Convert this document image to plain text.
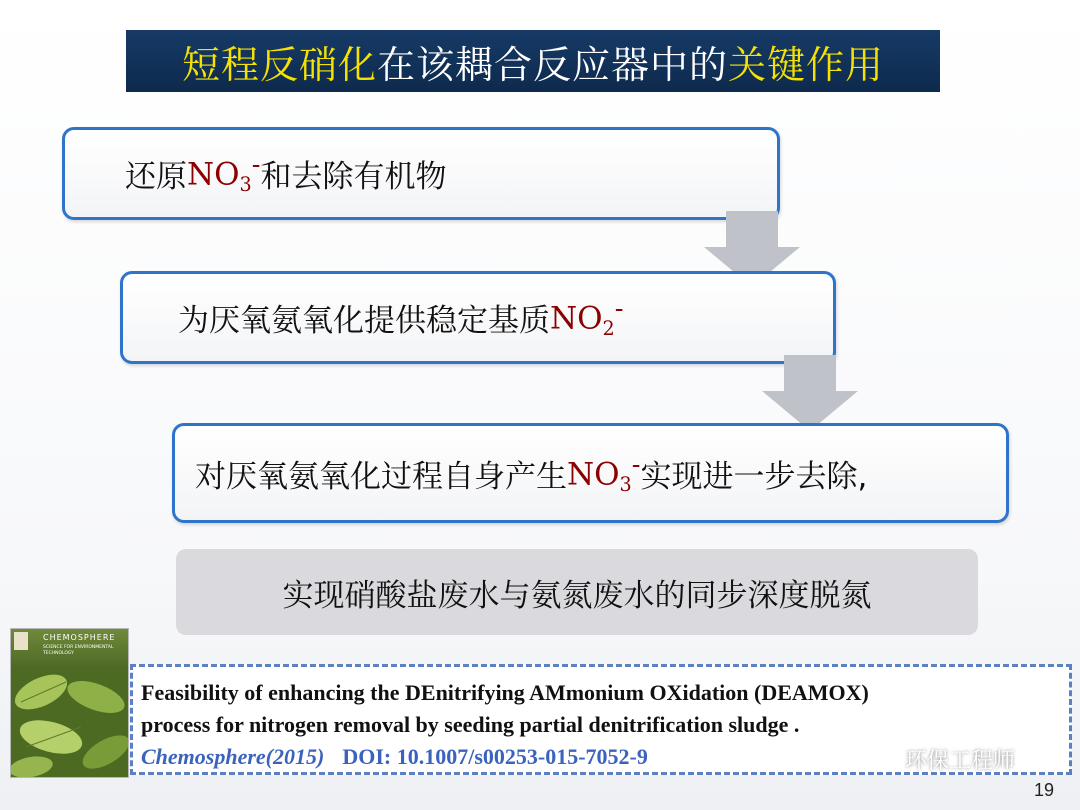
短程反硝化 在该耦合反应器中的 关键作用
还原 $NO_3^-$ 和去除有机物
为厌氧氨氧化提供稳定基质 $NO_2^-$
对厌氧氨氧化过程自身产生 $NO_3^-$ 实现进一步去除,
实现硝酸盐废水与氨氮废水的同步深度脱氮
CHEMOSPHERE
SCIENCE FOR ENVIRONMENTAL TECHNOLOGY
Feasibility of enhancing the DEnitrifying AMmonium OXidation (DEAMOX)
process for nitrogen removal by seeding partial denitrification sludge .
Chemosphere(2015) DOI: 10.1007/s00253-015-7052-9	环保工程师
19
